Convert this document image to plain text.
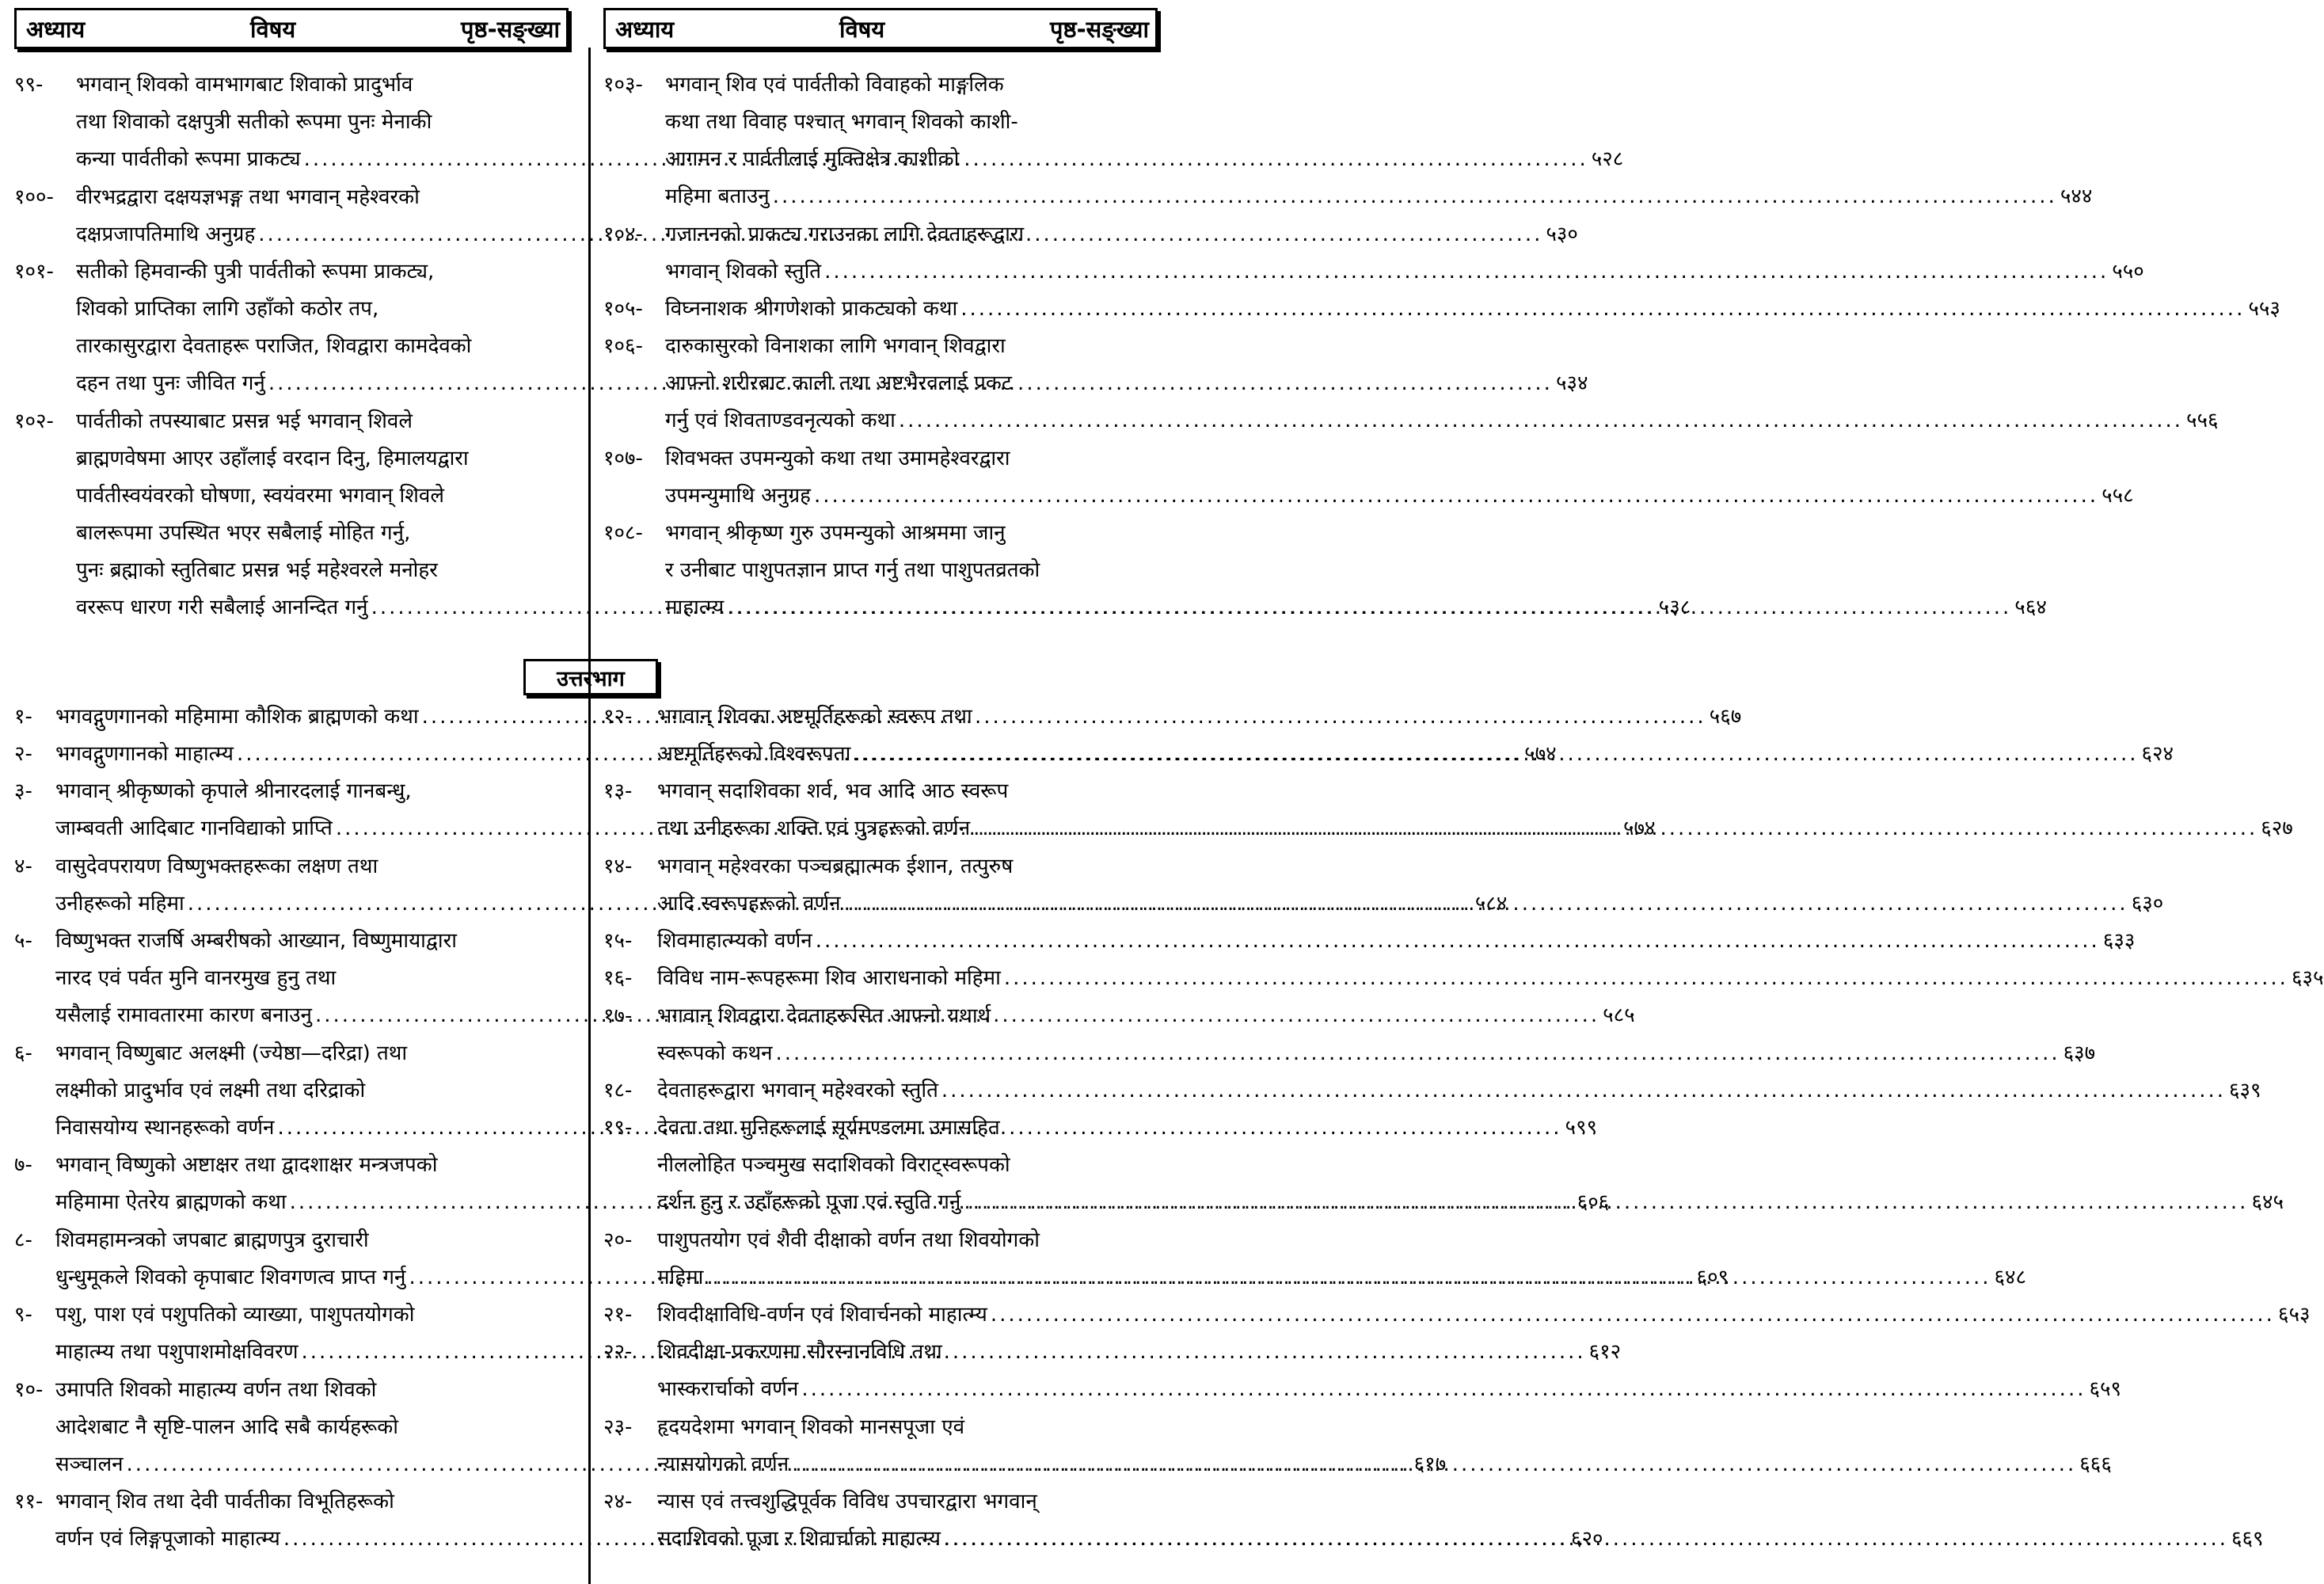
अध्याय	विषय	पृष्ठ-सङ्ख्या अध्याय	विषय	पृष्ठ-सङ्ख्या
उत्तरभाग
९९-	भगवान् शिवको वामभागबाट शिवाको प्रादुर्भाव
तथा शिवाको दक्षपुत्री सतीको रूपमा पुनः मेनाकी
कन्या पार्वतीको रूपमा प्राकट्य .....	५२८
१००-	वीरभद्रद्वारा दक्षयज्ञभङ्ग तथा भगवान् महेश्वरको
दक्षप्रजापतिमाथि अनुग्रह .....	५३०
१०१-	सतीको हिमवान्की पुत्री पार्वतीको रूपमा प्राकट्य,
शिवको प्राप्तिका लागि उहाँको कठोर तप,
तारकासुरद्वारा देवताहरू पराजित, शिवद्वारा कामदेवको
दहन तथा पुनः जीवित गर्नु .....	५३४
१०२-	पार्वतीको तपस्याबाट प्रसन्न भई भगवान् शिवले
ब्राह्मणवेषमा आएर उहाँलाई वरदान दिनु, हिमालयद्वारा
पार्वतीस्वयंवरको घोषणा, स्वयंवरमा भगवान् शिवले
बालरूपमा उपस्थित भएर सबैलाई मोहित गर्नु,
पुनः ब्रह्माको स्तुतिबाट प्रसन्न भई महेश्वरले मनोहर
वररूप धारण गरी सबैलाई आनन्दित गर्नु .....	५३८
१०३-	भगवान् शिव एवं पार्वतीको विवाहको माङ्गलिक
कथा तथा विवाह पश्चात् भगवान् शिवको काशी-
आगमन र पार्वतीलाई मुक्तिक्षेत्र काशीको
महिमा बताउनु .....	५४४
१०४-	गजाननको प्राकट्य गराउनका लागि देवताहरूद्वारा
भगवान् शिवको स्तुति .....	५५०
१०५-	विघ्ननाशक श्रीगणेशको प्राकट्यको कथा .....	५५३
१०६-	दारुकासुरको विनाशका लागि भगवान् शिवद्वारा
आफ्नो शरीरबाट काली तथा अष्टभैरवलाई प्रकट
गर्नु एवं शिवताण्डवनृत्यको कथा .....	५५६
१०७-	शिवभक्त उपमन्युको कथा तथा उमामहेश्वरद्वारा
उपमन्युमाथि अनुग्रह .....	५५८
१०८-	भगवान् श्रीकृष्ण गुरु उपमन्युको आश्रममा जानु
र उनीबाट पाशुपतज्ञान प्राप्त गर्नु तथा पाशुपतव्रतको
माहात्म्य .....	५६४
१-	भगवद्गुणगानको महिमामा कौशिक ब्राह्मणको कथा .....	५६७
२-	भगवद्गुणगानको माहात्म्य .....	५७४
३-	भगवान् श्रीकृष्णको कृपाले श्रीनारदलाई गानबन्धु,
जाम्बवती आदिबाट गानविद्याको प्राप्ति .....	५७४
४-	वासुदेवपरायण विष्णुभक्तहरूका लक्षण तथा
उनीहरूको महिमा .....	५८४
५-	विष्णुभक्त राजर्षि अम्बरीषको आख्यान, विष्णुमायाद्वारा
नारद एवं पर्वत मुनि वानरमुख हुनु तथा
यसैलाई रामावतारमा कारण बनाउनु .....	५८५
६-	भगवान् विष्णुबाट अलक्ष्मी (ज्येष्ठा—दरिद्रा) तथा
लक्ष्मीको प्रादुर्भाव एवं लक्ष्मी तथा दरिद्राको
निवासयोग्य स्थानहरूको वर्णन .....	५९९
७-	भगवान् विष्णुको अष्टाक्षर तथा द्वादशाक्षर मन्त्रजपको
महिमामा ऐतरेय ब्राह्मणको कथा .....	६०६
८-	शिवमहामन्त्रको जपबाट ब्राह्मणपुत्र दुराचारी
धुन्धुमूकले शिवको कृपाबाट शिवगणत्व प्राप्त गर्नु .....	६०९
९-	पशु, पाश एवं पशुपतिको व्याख्या, पाशुपतयोगको
माहात्म्य तथा पशुपाशमोक्षविवरण .....	६१२
१०- उमापति शिवको माहात्म्य वर्णन तथा शिवको
आदेशबाट नै सृष्टि-पालन आदि सबै कार्यहरूको
सञ्चालन .....	६१७
११- भगवान् शिव तथा देवी पार्वतीका विभूतिहरूको
वर्णन एवं लिङ्गपूजाको माहात्म्य .....	६२०
१२-	भगवान् शिवका अष्टमूर्तिहरूको स्वरूप तथा
अष्टमूर्तिहरूको विश्वरूपता .....	६२४
१३-	भगवान् सदाशिवका शर्व, भव आदि आठ स्वरूप
तथा उनीहरूका शक्ति एवं पुत्रहरूको वर्णन .....	६२७
१४-	भगवान् महेश्वरका पञ्चब्रह्मात्मक ईशान, तत्पुरुष
आदि स्वरूपहरूको वर्णन .....	६३०
१५-	शिवमाहात्म्यको वर्णन .....	६३३
१६-	विविध नाम-रूपहरूमा शिव आराधनाको महिमा .....	६३५
१७-	भगवान् शिवद्वारा देवताहरूसित आफ्नो यथार्थ
स्वरूपको कथन .....	६३७
१८-	देवताहरूद्वारा भगवान् महेश्वरको स्तुति .....	६३९
१९-	देवता तथा मुनिहरूलाई सूर्यमण्डलमा उमासहित
नीललोहित पञ्चमुख सदाशिवको विराट्स्वरूपको
दर्शन हुनु र उहाँहरूको पूजा एवं स्तुति गर्नु .....	६४५
२०-	पाशुपतयोग एवं शैवी दीक्षाको वर्णन तथा शिवयोगको
महिमा .....	६४८
२१-	शिवदीक्षाविधि-वर्णन एवं शिवार्चनको माहात्म्य .....	६५३
२२-	शिवदीक्षा-प्रकरणमा सौरस्नानविधि तथा
भास्करार्चाको वर्णन .....	६५९
२३-	हृदयदेशमा भगवान् शिवको मानसपूजा एवं
न्यासयोगको वर्णन .....	६६६
२४-	न्यास एवं तत्त्वशुद्धिपूर्वक विविध उपचारद्वारा भगवान्
सदाशिवको पूजा र शिवार्चाको माहात्म्य .....	६६९
